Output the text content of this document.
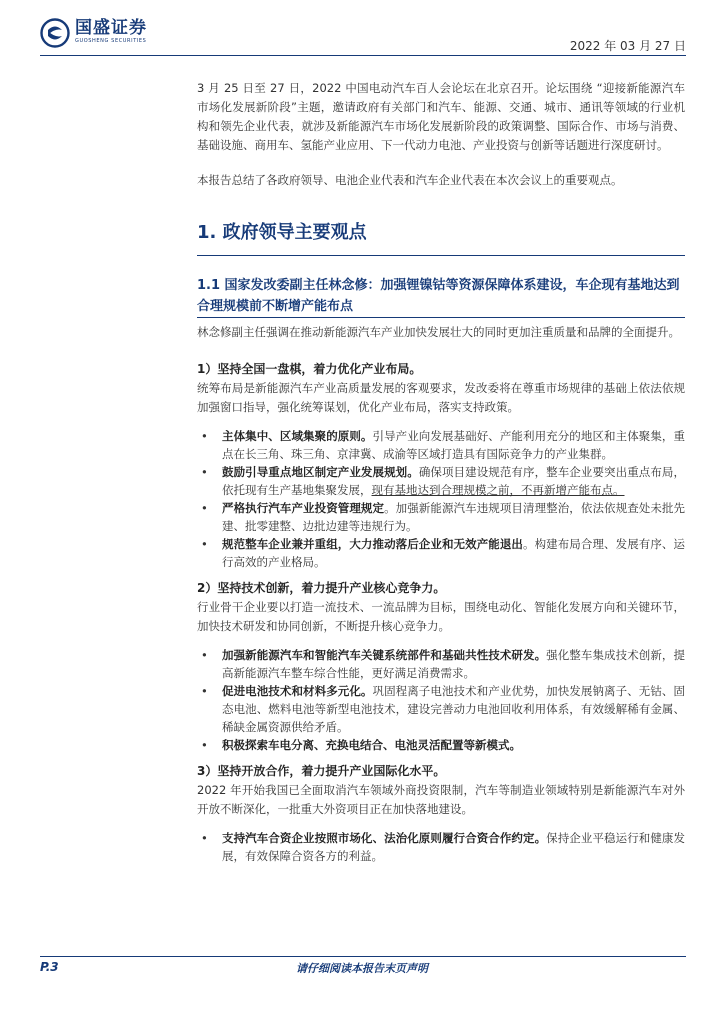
国盛证券
GUOSHENG SECURITIES	2022 年 03 月 27 日

3 月 25 日至 27 日，2022 中国电动汽车百人会论坛在北京召开。论坛围绕 “迎接新能源汽车市场化发展新阶段”主题，邀请政府有关部门和汽车、能源、交通、城市、通讯等领域的行业机构和领先企业代表，就涉及新能源汽车市场化发展新阶段的政策调整、国际合作、市场与消费、基础设施、商用车、氢能产业应用、下一代动力电池、产业投资与创新等话题进行深度研讨。

本报告总结了各政府领导、电池企业代表和汽车企业代表在本次会议上的重要观点。

1. 政府领导主要观点
1.1 国家发改委副主任林念修：加强锂镍钴等资源保障体系建设，车企现有基地达到合理规模前不断增产能布点

林念修副主任强调在推动新能源汽车产业加快发展壮大的同时更加注重质量和品牌的全面提升。

1）坚持全国一盘棋，着力优化产业布局。

统筹布局是新能源汽车产业高质量发展的客观要求，发改委将在尊重市场规律的基础上依法依规加强窗口指导，强化统筹谋划，优化产业布局，落实支持政策。

• 主体集中、区域集聚的原则。引导产业向发展基础好、产能利用充分的地区和主体聚集，重点在长三角、珠三角、京津冀、成渝等区域打造具有国际竞争力的产业集群。
• 鼓励引导重点地区制定产业发展规划。确保项目建设规范有序，整车企业要突出重点布局，依托现有生产基地集聚发展，现有基地达到合理规模之前，不再新增产能布点。
• 严格执行汽车产业投资管理规定。加强新能源汽车违规项目清理整治，依法依规查处未批先建、批零建整、边批边建等违规行为。
• 规范整车企业兼并重组，大力推动落后企业和无效产能退出。构建布局合理、发展有序、运行高效的产业格局。
2）坚持技术创新，着力提升产业核心竞争力。

行业骨干企业要以打造一流技术、一流品牌为目标，围绕电动化、智能化发展方向和关键环节，加快技术研发和协同创新，不断提升核心竞争力。

• 加强新能源汽车和智能汽车关键系统部件和基础共性技术研发。强化整车集成技术创新，提高新能源汽车整车综合性能，更好满足消费需求。
• 促进电池技术和材料多元化。巩固程离子电池技术和产业优势，加快发展钠离子、无钴、固态电池、燃料电池等新型电池技术，建设完善动力电池回收利用体系，有效缓解稀有金属、稀缺金属资源供给矛盾。
• 积极探索车电分离、充换电结合、电池灵活配置等新模式。
3）坚持开放合作，着力提升产业国际化水平。

2022 年开始我国已全面取消汽车领域外商投资限制，汽车等制造业领域特别是新能源汽车对外开放不断深化，一批重大外资项目正在加快落地建设。

• 支持汽车合资企业按照市场化、法治化原则履行合资合作约定。保持企业平稳运行和健康发展，有效保障合资各方的利益。
P.3	请仔细阅读本报告末页声明
